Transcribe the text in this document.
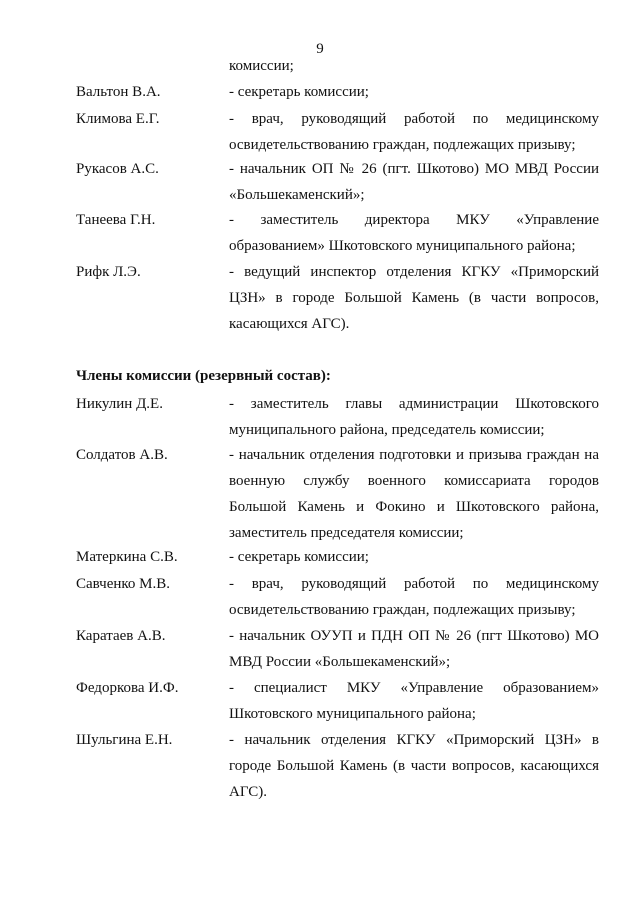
9
комиссии;
Вальтон В.А.	- секретарь комиссии;
Климова Е.Г.	- врач, руководящий работой по медицинскому
освидетельствованию граждан, подлежащих призыву;
Рукасов А.С.	- начальник ОП № 26 (пгт. Шкотово) МО МВД России
«Большекаменский»;
Танеева Г.Н.	- заместитель директора МКУ «Управление
образованием» Шкотовского муниципального района;
Рифк Л.Э.	- ведущий инспектор отделения КГКУ «Приморский
ЦЗН» в городе Большой Камень (в части вопросов,
касающихся АГС).
Члены комиссии (резервный состав):
Никулин Д.Е.	- заместитель главы администрации Шкотовского
муниципального района, председатель комиссии;
Солдатов А.В.	- начальник отделения подготовки и призыва граждан на
военную службу военного комиссариата городов
Большой Камень и Фокино и Шкотовского района,
заместитель председателя комиссии;
Матеркина С.В.	- секретарь комиссии;
Савченко М.В.	- врач, руководящий работой по медицинскому
освидетельствованию граждан, подлежащих призыву;
Каратаев А.В.	- начальник ОУУП и ПДН ОП № 26 (пгт Шкотово) МО
МВД России «Большекаменский»;
Федоркова И.Ф.	- специалист МКУ «Управление образованием»
Шкотовского муниципального района;
Шульгина Е.Н.	- начальник отделения КГКУ «Приморский ЦЗН» в
городе Большой Камень (в части вопросов, касающихся
АГС).
